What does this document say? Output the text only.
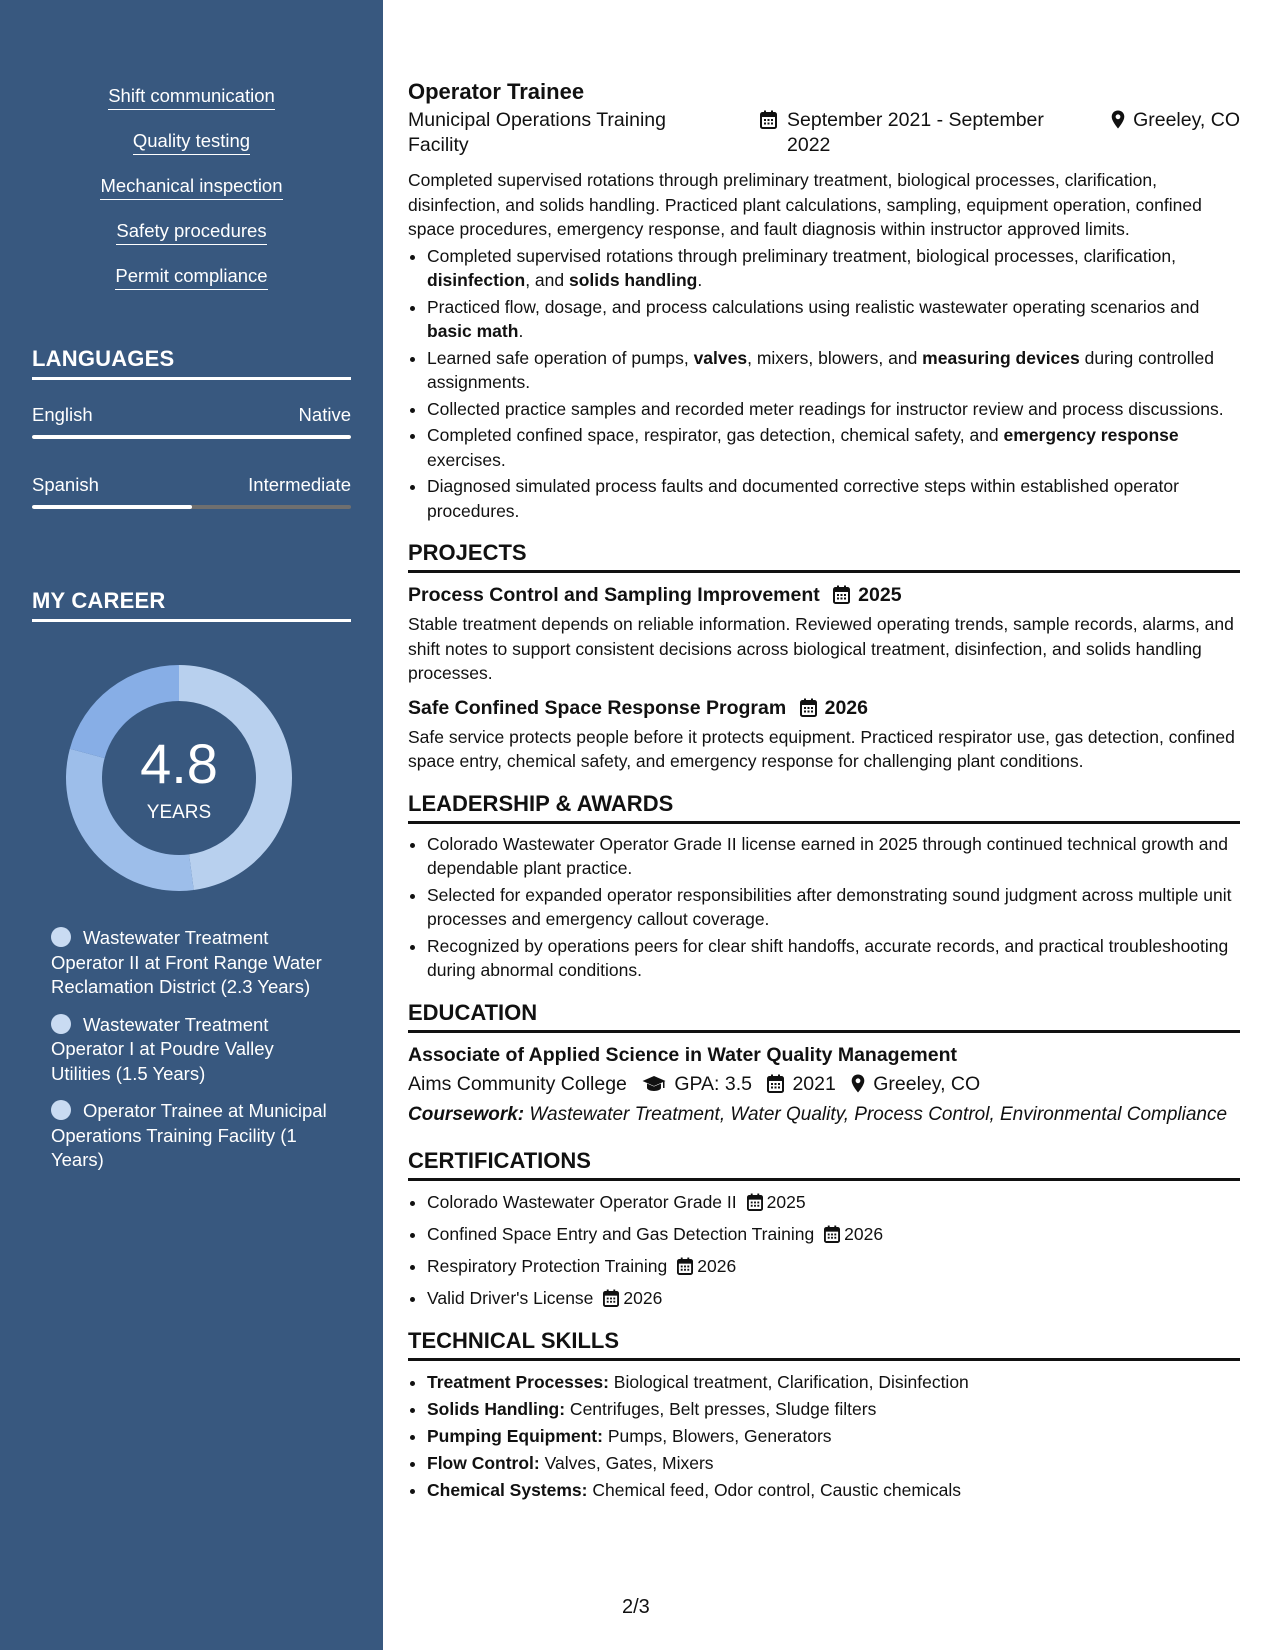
Shift communication
Quality testing
Mechanical inspection
Safety procedures
Permit compliance
LANGUAGES
English	Native
Spanish	Intermediate
MY CAREER
4.8
YEARS
Wastewater Treatment Operator II at Front Range Water Reclamation District (2.3 Years)
Wastewater Treatment Operator I at Poudre Valley Utilities (1.5 Years)
Operator Trainee at Municipal Operations Training Facility (1 Years)
Operator Trainee
Municipal Operations Training Facility
September 2021 - September 2022
Greeley, CO
Completed supervised rotations through preliminary treatment, biological processes, clarification, disinfection, and solids handling. Practiced plant calculations, sampling, equipment operation, confined space procedures, emergency response, and fault diagnosis within instructor approved limits.
• Completed supervised rotations through preliminary treatment, biological processes, clarification, disinfection, and solids handling.
• Practiced flow, dosage, and process calculations using realistic wastewater operating scenarios and basic math.
• Learned safe operation of pumps, valves, mixers, blowers, and measuring devices during controlled assignments.
• Collected practice samples and recorded meter readings for instructor review and process discussions.
• Completed confined space, respirator, gas detection, chemical safety, and emergency response exercises.
• Diagnosed simulated process faults and documented corrective steps within established operator procedures.
PROJECTS
Process Control and Sampling Improvement 2025
Stable treatment depends on reliable information. Reviewed operating trends, sample records, alarms, and shift notes to support consistent decisions across biological treatment, disinfection, and solids handling processes.
Safe Confined Space Response Program 2026
Safe service protects people before it protects equipment. Practiced respirator use, gas detection, confined space entry, chemical safety, and emergency response for challenging plant conditions.
LEADERSHIP & AWARDS
• Colorado Wastewater Operator Grade II license earned in 2025 through continued technical growth and dependable plant practice.
• Selected for expanded operator responsibilities after demonstrating sound judgment across multiple unit processes and emergency callout coverage.
• Recognized by operations peers for clear shift handoffs, accurate records, and practical troubleshooting during abnormal conditions.
EDUCATION
Associate of Applied Science in Water Quality Management
Aims Community College GPA: 3.5 2021 Greeley, CO
Coursework: Wastewater Treatment, Water Quality, Process Control, Environmental Compliance
CERTIFICATIONS
• Colorado Wastewater Operator Grade II 2025
• Confined Space Entry and Gas Detection Training 2026
• Respiratory Protection Training 2026
• Valid Driver's License 2026
TECHNICAL SKILLS
• Treatment Processes: Biological treatment, Clarification, Disinfection
• Solids Handling: Centrifuges, Belt presses, Sludge filters
• Pumping Equipment: Pumps, Blowers, Generators
• Flow Control: Valves, Gates, Mixers
• Chemical Systems: Chemical feed, Odor control, Caustic chemicals
2/3
